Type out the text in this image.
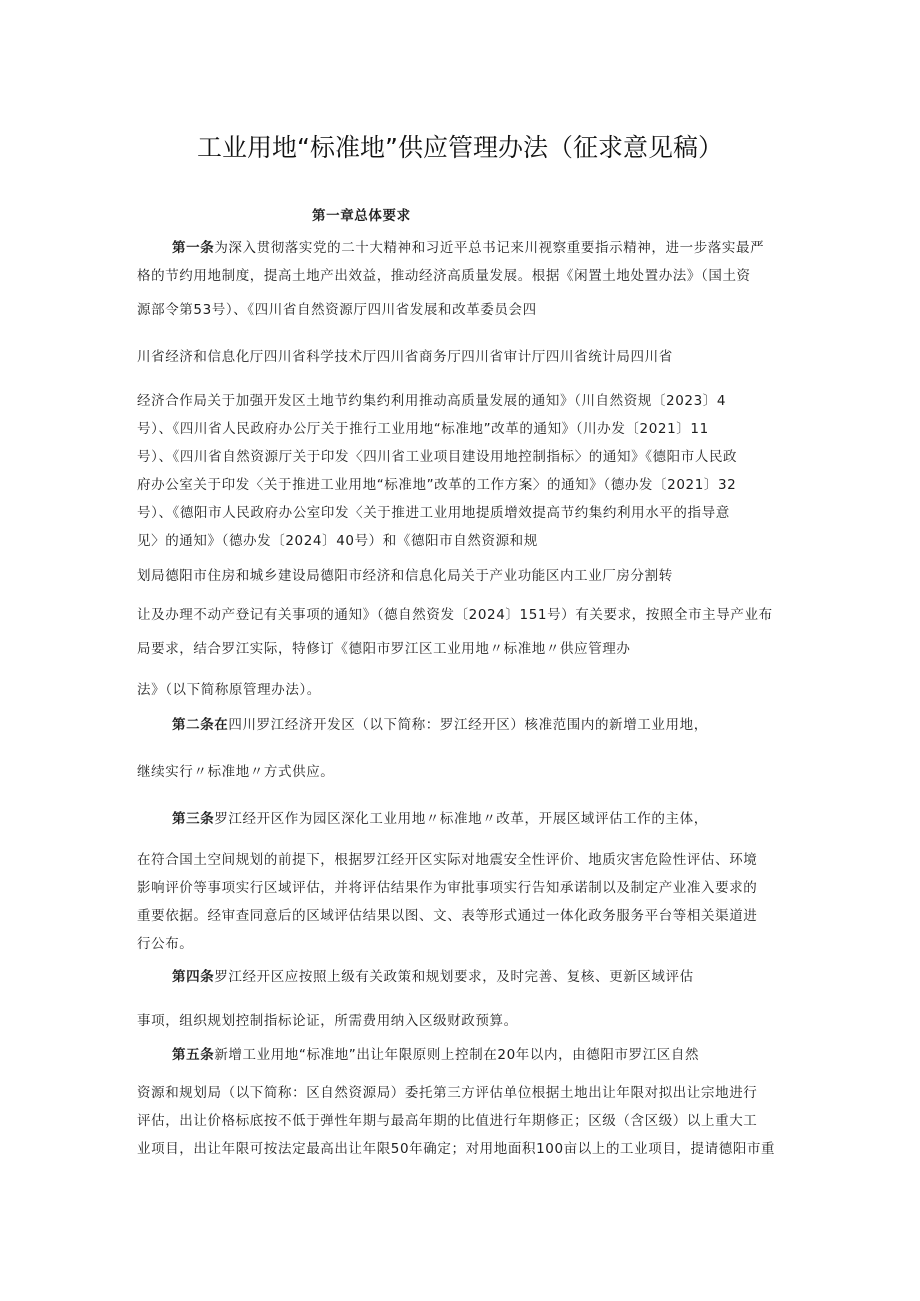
工业用地“标准地”供应管理办法（征求意见稿）
第一章总体要求
第一条为深入贯彻落实党的二十大精神和习近平总书记来川视察重要指示精神，进一步落实最严
格的节约用地制度，提高土地产出效益，推动经济高质量发展。根据《闲置土地处置办法》（国土资
源部令第53号）、《四川省自然资源厅四川省发展和改革委员会四
川省经济和信息化厅四川省科学技术厅四川省商务厅四川省审计厅四川省统计局四川省
经济合作局关于加强开发区土地节约集约利用推动高质量发展的通知》（川自然资规〔2023〕4
号）、《四川省人民政府办公厅关于推行工业用地“标准地”改革的通知》（川办发〔2021〕11
号）、《四川省自然资源厅关于印发〈四川省工业项目建设用地控制指标〉的通知》《德阳市人民政
府办公室关于印发〈关于推进工业用地“标准地”改革的工作方案〉的通知》（德办发〔2021〕32
号）、《德阳市人民政府办公室印发〈关于推进工业用地提质增效提高节约集约利用水平的指导意
见〉的通知》（德办发〔2024〕40号）和《德阳市自然资源和规
划局德阳市住房和城乡建设局德阳市经济和信息化局关于产业功能区内工业厂房分割转
让及办理不动产登记有关事项的通知》（德自然资发〔2024〕151号）有关要求，按照全市主导产业布
局要求，结合罗江实际，特修订《德阳市罗江区工业用地〃标准地〃供应管理办
法》（以下简称原管理办法）。
第二条在四川罗江经济开发区（以下简称：罗江经开区）核准范围内的新增工业用地，
继续实行〃标准地〃方式供应。
第三条罗江经开区作为园区深化工业用地〃标准地〃改革，开展区域评估工作的主体，
在符合国土空间规划的前提下，根据罗江经开区实际对地震安全性评价、地质灾害危险性评估、环境
影响评价等事项实行区域评估，并将评估结果作为审批事项实行告知承诺制以及制定产业准入要求的
重要依据。经审查同意后的区域评估结果以图、文、表等形式通过一体化政务服务平台等相关渠道进
行公布。
第四条罗江经开区应按照上级有关政策和规划要求，及时完善、复核、更新区域评估
事项，组织规划控制指标论证，所需费用纳入区级财政预算。
第五条新增工业用地“标准地”出让年限原则上控制在20年以内，由德阳市罗江区自然
资源和规划局（以下简称：区自然资源局）委托第三方评估单位根据土地出让年限对拟出让宗地进行
评估，出让价格标底按不低于弹性年期与最高年期的比值进行年期修正；区级（含区级）以上重大工
业项目，出让年限可按法定最高出让年限50年确定；对用地面积100亩以上的工业项目，提请德阳市重
